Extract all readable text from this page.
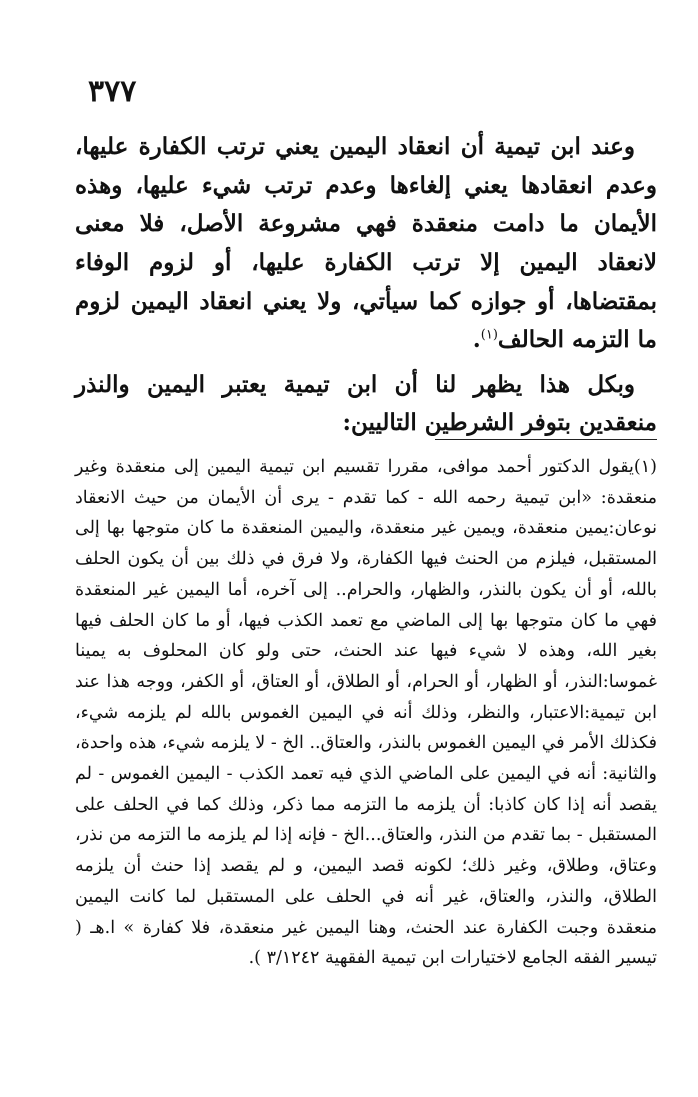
٣٧٧

وعند ابن تيمية أن انعقاد اليمين يعني ترتب الكفارة عليها، وعدم انعقادها يعني إلغاءها وعدم ترتب شيء عليها، وهذه الأيمان ما دامت منعقدة فهي مشروعة الأصل، فلا معنى لانعقاد اليمين إلا ترتب الكفارة عليها، أو لزوم الوفاء بمقتضاها، أو جوازه كما سيأتي، ولا يعني انعقاد اليمين لزوم ما التزمه الحالف$^{(١)}$.

وبكل هذا يظهر لنا أن ابن تيمية يعتبر اليمين والنذر منعقدين بتوفر الشرطين التاليين:

(١)يقول الدكتور أحمد موافى، مقررا تقسيم ابن تيمية اليمين إلى منعقدة وغير منعقدة: «ابن تيمية رحمه الله - كما تقدم - يرى أن الأيمان من حيث الانعقاد نوعان:يمين منعقدة، ويمين غير منعقدة، واليمين المنعقدة ما كان متوجها بها إلى المستقبل، فيلزم من الحنث فيها الكفارة، ولا فرق في ذلك بين أن يكون الحلف بالله، أو أن يكون بالنذر، والظهار، والحرام.. إلى آخره، أما اليمين غير المنعقدة فهي ما كان متوجها بها إلى الماضي مع تعمد الكذب فيها، أو ما كان الحلف فيها بغير الله، وهذه لا شيء فيها عند الحنث، حتى ولو كان المحلوف به يمينا غموسا:النذر، أو الظهار، أو الحرام، أو الطلاق، أو العتاق، أو الكفر، ووجه هذا عند ابن تيمية:الاعتبار، والنظر، وذلك أنه في اليمين الغموس بالله لم يلزمه شيء، فكذلك الأمر في اليمين الغموس بالنذر، والعتاق.. الخ - لا يلزمه شيء، هذه واحدة، والثانية: أنه في اليمين على الماضي الذي فيه تعمد الكذب - اليمين الغموس - لم يقصد أنه إذا كان كاذبا: أن يلزمه ما التزمه مما ذكر، وذلك كما في الحلف على المستقبل - بما تقدم من النذر، والعتاق...الخ - فإنه إذا لم يلزمه ما التزمه من نذر، وعتاق، وطلاق، وغير ذلك؛ لكونه قصد اليمين، و لم يقصد إذا حنث أن يلزمه الطلاق، والنذر، والعتاق، غير أنه في الحلف على المستقبل لما كانت اليمين منعقدة وجبت الكفارة عند الحنث، وهنا اليمين غير منعقدة، فلا كفارة » ا.هـ ( تيسير الفقه الجامع لاختيارات ابن تيمية الفقهية ٣/١٢٤٢ ).
